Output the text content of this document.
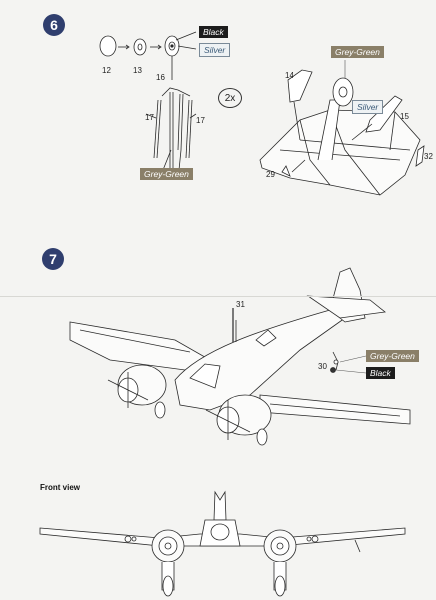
6	Black
Silver
12	13
16
17	17
2x
Grey-Green
Grey-Green
Silver
14
15
29
32
7
31
30
Grey-Green
Black
Front view
